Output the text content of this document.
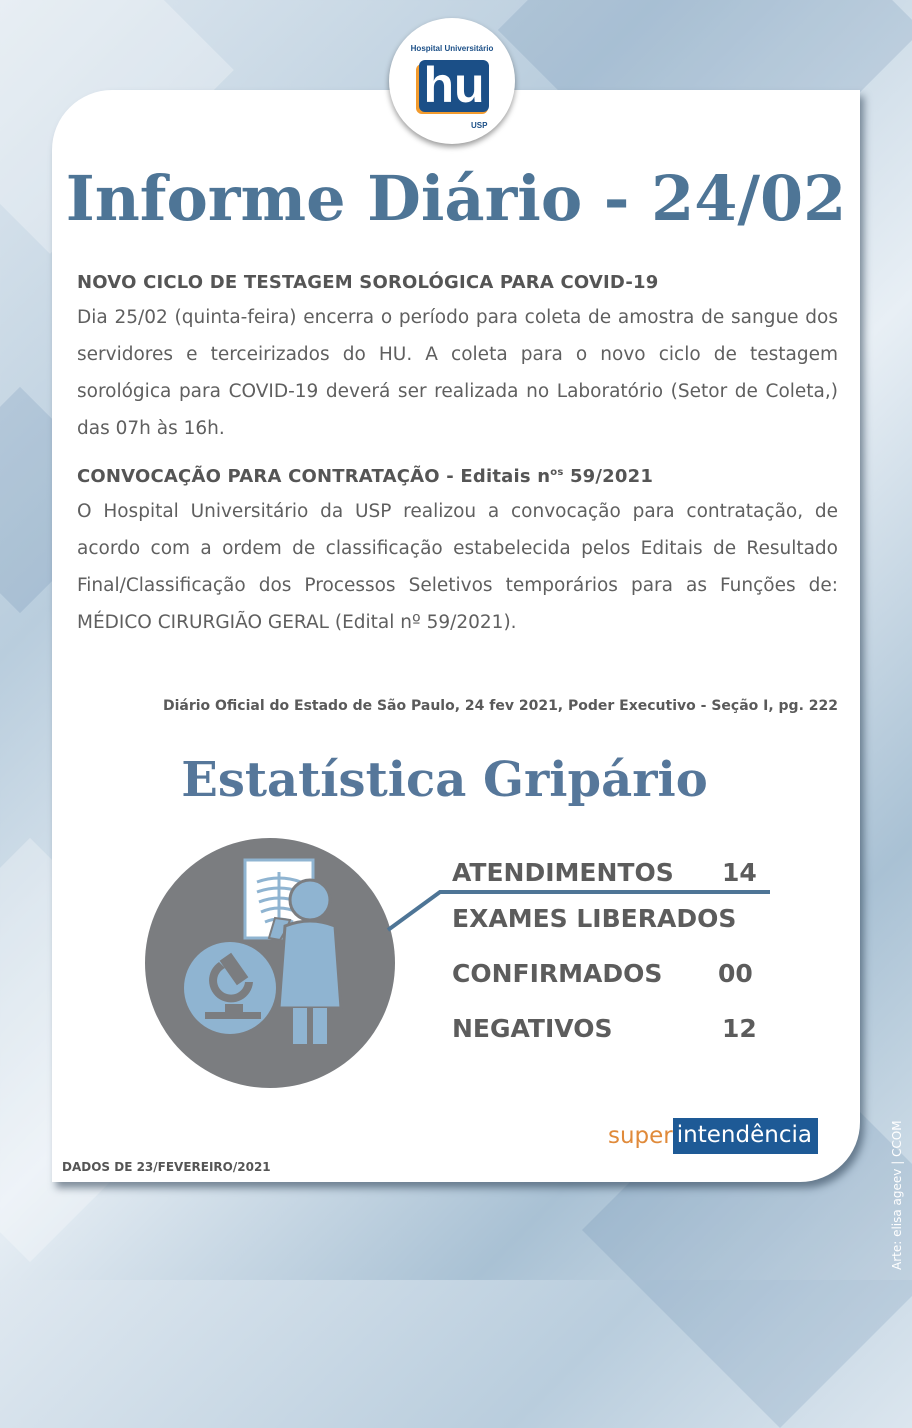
Hospital Universitário
hu
USP
Informe Diário - 24/02

NOVO CICLO DE TESTAGEM SOROLÓGICA PARA COVID-19

Dia 25/02 (quinta-feira) encerra o período para coleta de amostra de sangue dos servidores e terceirizados do HU. A coleta para o novo ciclo de testagem sorológica para COVID-19 deverá ser realizada no Laboratório (Setor de Coleta,) das 07h às 16h.

CONVOCAÇÃO PARA CONTRATAÇÃO - Editais $n^{os}$ 59/2021

O Hospital Universitário da USP realizou a convocação para contratação, de acordo com a ordem de classificação estabelecida pelos Editais de Resultado Final/Classificação dos Processos Seletivos temporários para as Funções de: MÉDICO CIRURGIÃO GERAL (Edital nº 59/2021).

Diário Oficial do Estado de São Paulo, 24 fev 2021, Poder Executivo - Seção I, pg. 222
Estatística Gripário
ATENDIMENTOS 14
EXAMES LIBERADOS
CONFIRMADOS 00
NEGATIVOS	12
super intendência
DADOS DE 23/FEVEREIRO/2021	Arte: elisa ageev | CCOM
